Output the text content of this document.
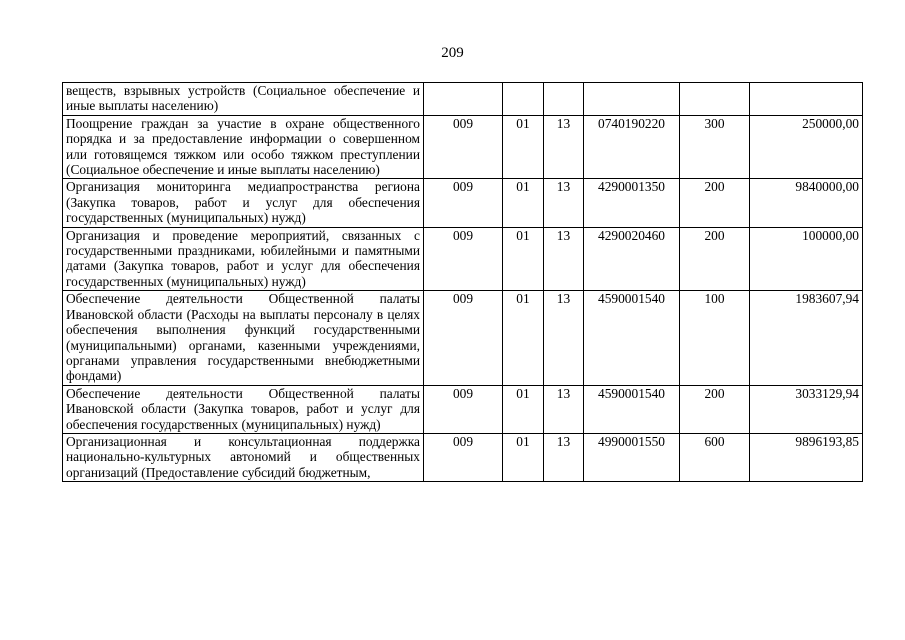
209
веществ, взрывных устройств (Социальное обеспечение и иные выплаты населению)						
Поощрение граждан за участие в охране общественного порядка и за предоставление информации о совершенном или готовящемся тяжком или особо тяжком преступлении (Социальное обеспечение и иные выплаты населению)	009	01	13	0740190220	300	250000,00
Организация мониторинга медиапространства региона (Закупка товаров, работ и услуг для обеспечения государственных (муниципальных) нужд)	009	01	13	4290001350	200	9840000,00
Организация и проведение мероприятий, связанных с государственными праздниками, юбилейными и памятными датами (Закупка товаров, работ и услуг для обеспечения государственных (муниципальных) нужд)	009	01	13	4290020460	200	100000,00
Обеспечение деятельности Общественной палаты Ивановской области (Расходы на выплаты персоналу в целях обеспечения выполнения функций государственными (муниципальными) органами, казенными учреждениями, органами управления государственными внебюджетными фондами)	009	01	13	4590001540	100	1983607,94
Обеспечение деятельности Общественной палаты Ивановской области (Закупка товаров, работ и услуг для обеспечения государственных (муниципальных) нужд)	009	01	13	4590001540	200	3033129,94
Организационная и консультационная поддержка национально-культурных автономий и общественных организаций (Предоставление субсидий бюджетным,	009	01	13	4990001550	600	9896193,85
